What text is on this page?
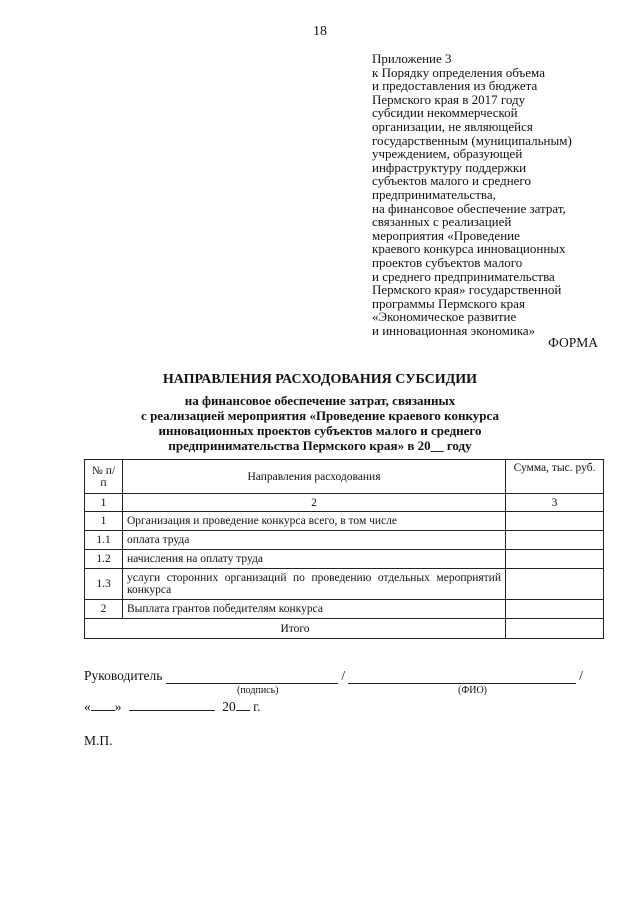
18
Приложение 3
к Порядку определения объема
и предоставления из бюджета
Пермского края в 2017 году
субсидии некоммерческой
организации, не являющейся
государственным (муниципальным)
учреждением, образующей
инфраструктуру поддержки
субъектов малого и среднего
предпринимательства,
на финансовое обеспечение затрат,
связанных с реализацией
мероприятия «Проведение
краевого конкурса инновационных
проектов субъектов малого
и среднего предпринимательства
Пермского края» государственной
программы Пермского края
«Экономическое развитие
и инновационная экономика»
ФОРМА
НАПРАВЛЕНИЯ РАСХОДОВАНИЯ СУБСИДИИ
на финансовое обеспечение затрат, связанных
с реализацией мероприятия «Проведение краевого конкурса
инновационных проектов субъектов малого и среднего
предпринимательства Пермского края» в 20__ году
№ п/п	Направления расходования	Сумма, тыс. руб.
1	2	3
1	Организация и проведение конкурса всего, в том числе	
1.1	оплата труда	
1.2	начисления на оплату труда	
1.3	услуги сторонних организаций по проведению отдельных мероприятий конкурса	
2	Выплата грантов победителям конкурса	
Итого		
Руководитель	/	/
(подпись)	(ФИО)
« »	20 г.
М.П.
